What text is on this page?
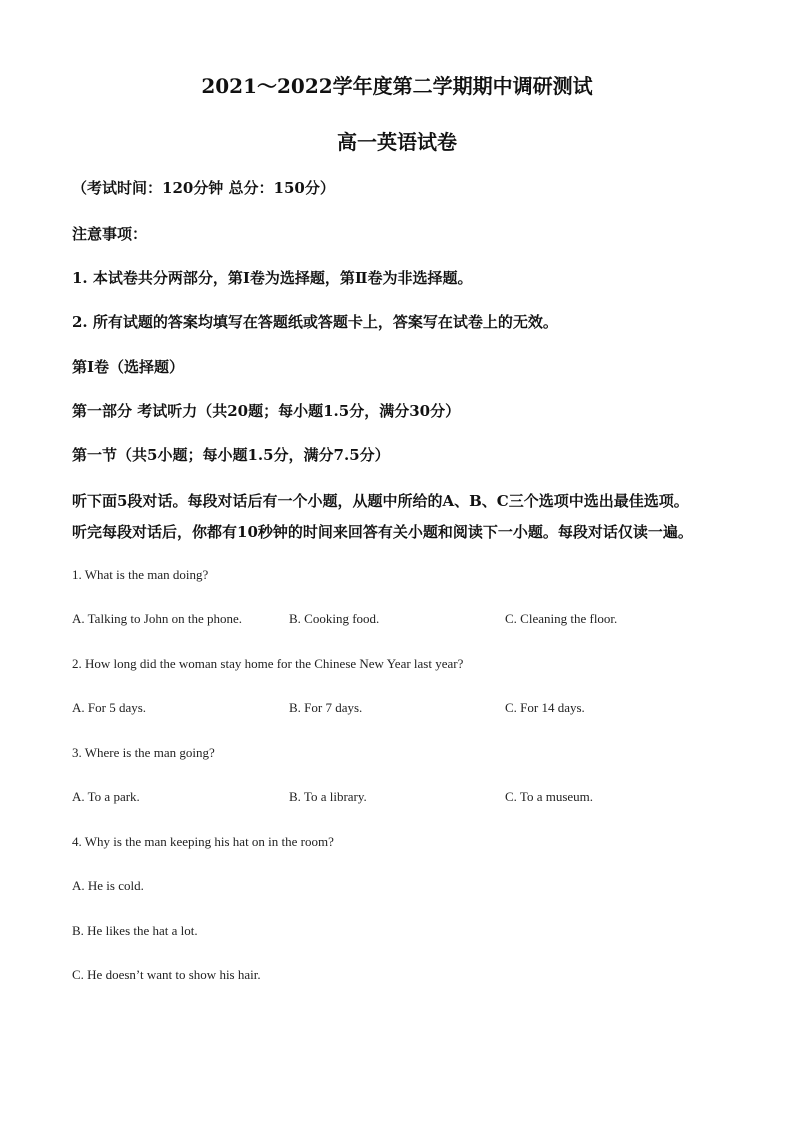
2021～2022学年度第二学期期中调研测试
高一英语试卷
（考试时间：120分钟 总分：150分）
注意事项：
1. 本试卷共分两部分，第Ⅰ卷为选择题，第Ⅱ卷为非选择题。
2. 所有试题的答案均填写在答题纸或答题卡上，答案写在试卷上的无效。
第Ⅰ卷（选择题）
第一部分 考试听力（共20题；每小题1.5分，满分30分）
第一节（共5小题；每小题1.5分，满分7.5分）
听下面5段对话。每段对话后有一个小题，从题中所给的A、B、C三个选项中选出最佳选项。
听完每段对话后，你都有10秒钟的时间来回答有关小题和阅读下一小题。每段对话仅读一遍。
1. What is the man doing?
A. Talking to John on the phone.	B. Cooking food.	C. Cleaning the floor.
2. How long did the woman stay home for the Chinese New Year last year?
A. For 5 days.	B. For 7 days.	C. For 14 days.
3. Where is the man going?
A. To a park.	B. To a library.	C. To a museum.
4. Why is the man keeping his hat on in the room?
A. He is cold.
B. He likes the hat a lot.
C. He doesn’t want to show his hair.
